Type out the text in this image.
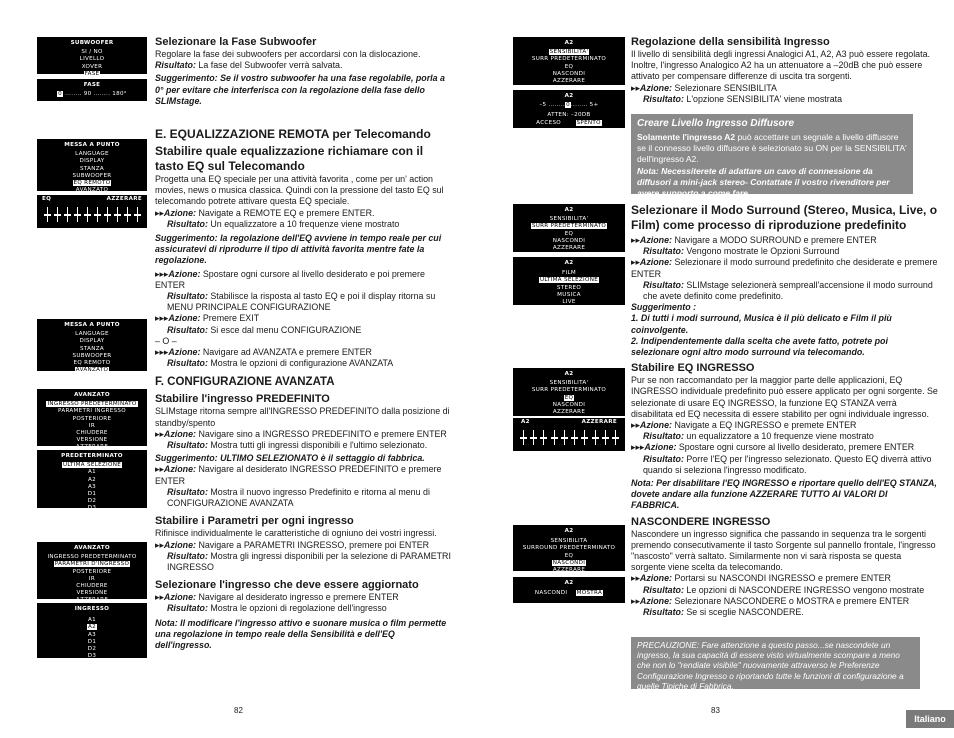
SUBWOOFER
SI / NO
LIVELLO
XOVER
FASE
FASE
0 ........ 90 ........ 180°
MESSA A PUNTO
LANGUAGE
DISPLAY
STANZA
SUBWOOFER
EQ REMOTO
AVANZATO
EQ	AZZERARE
32Hz 64 125 250 500 1kHz 2 4 8 16kHz
MESSA A PUNTO
LANGUAGE
DISPLAY
STANZA
SUBWOOFER
EQ REMOTO
AVANZATO
AVANZATO
INGRESSO PREDETERMINATO
PARAMETRI INGRESSO
POSTERIORE
IR
CHIUDERE
VERSIONE
AZZERARE
PREDETERMINATO
ULTIMA SELEZIONE
A1
A2
A3
D1
D2
D3
AVANZATO
INGRESSO PREDETERMINATO
PARAMETRI D'INGRESSO
POSTERIORE
IR
CHIUDERE
VERSIONE
AZZERARE
INGRESSO
A1
A2
A3
D1
D2
D3
Selezionare la Fase Subwoofer
Regolare la fase dei subwoofers per accordarsi con la dislocazione.
Risultato: La fase del Subwoofer verrà salvata.
Suggerimento: Se il vostro subwoofer ha una fase regolabile, porla a 0° per evitare che interferisca con la regolazione della fase dello SLIMstage.
E. EQUALIZZAZIONE REMOTA per Telecomando
Stabilire quale equalizzazione richiamare con il tasto EQ sul Telecomando
Progetta una EQ speciale per una attività favorita , come per un' action movies, news o musica classica. Quindi con la pressione del tasto EQ sul telecomando potrete attivare questa EQ speciale.
▸▸Azione: Navigate a REMOTE EQ e premere ENTER.
Risultato: Un equalizzatore a 10 frequenze viene mostrato
Suggerimento: la regolazione dell'EQ avviene in tempo reale per cui assicuratevi di riprodurre il tipo di attività favorita mentre fate la regolazione.
▸▸▸Azione: Spostare ogni cursore al livello desiderato e poi premere ENTER
Risultato: Stabilisce la risposta al tasto EQ e poi il display ritorna su MENU PRINCIPALE CONFIGURAZIONE
▸▸▸Azione: Premere EXIT
Risultato: Si esce dal menu CONFIGURAZIONE
– O –
▸▸▸Azione: Navigare ad AVANZATA e premere ENTER
Risultato: Mostra le opzioni di configurazione AVANZATA
F. CONFIGURAZIONE AVANZATA
Stabilire l'ingresso PREDEFINITO
SLIMstage ritorna sempre all'INGRESSO PREDEFINITO dalla posizione di standby/spento
▸▸Azione: Navigare sino a INGRESSO PREDEFINITO e premere ENTER
Risultato: Mostra tutti gli ingressi disponibili e l'ultimo selezionato.
Suggerimento: ULTIMO SELEZIONATO è il settaggio di fabbrica.
▸▸Azione: Navigare al desiderato INGRESSO PREDEFINITO e premere ENTER
Risultato: Mostra il nuovo ingresso Predefinito e ritorna al menu di CONFIGURAZIONE AVANZATA
Stabilire i Parametri per ogni ingresso
Rifinisce individualmente le caratteristiche di ogniuno dei vostri ingressi.
▸▸Azione: Navigare a PARAMETRI INGRESSO, premere poi ENTER
Risultato: Mostra gli ingressi disponibili per la selezione di PARAMETRI INGRESSO
Selezionare l'ingresso che deve essere aggiornato
▸▸Azione: Navigare al desiderato ingresso e premere ENTER
Risultato: Mostra le opzioni di regolazione dell'ingresso
Nota: Il modificare l'ingresso attivo e suonare musica o film permette una regolazione in tempo reale della Sensibilità e dell'EQ dell'ingresso.
82
A2
SENSIBILITA'
SURR PREDETERMINATO
EQ
NASCONDI
AZZERARE
A2
–5 ........0........ 5+
ATTEN: –20DB
ACCESO	SPENTO
A2
SENSIBILITA'
SURR PREDETERMINATO
EQ
NASCONDI
AZZERARE
A2
FILM
ULTIMA SELEZIONE
STEREO
MUSICA
LIVE
A2
SENSIBILITA'
SURR PREDETERMINATO
EQ
NASCONDI
AZZERARE
A2	AZZERARE
32Hz 64 125 250 500 1kHz 2 4 8 16kHz
A2
SENSIBILITA
SURROUND PREDETERMINATO
EQ
NASCONDI
AZZERARE
A2
NASCONDI MOSTRA
Regolazione della sensibilità Ingresso
Il livello di sensibilità degli ingressi Analogici A1, A2, A3 può essere regolata. Inoltre, l'ingresso Analogico A2 ha un attenuatore a –20dB che può essere attivato per compensare differenze di uscita tra sorgenti.
▸▸Azione: Selezionare SENSIBILITA
Risultato: L'opzione SENSIBILITA' viene mostrata
Creare Livello Ingresso Diffusore
Solamente l'ingresso A2 può accettare un segnale a livello diffusore se il connesso livello diffusore è selezionato su ON per la SENSIBILITA' dell'ingresso A2.
Nota: Necessiterete di adattare un cavo di connessione da diffusori a mini-jack stereo- Contattate il vostro rivenditore per avere supporto a come fare.
Selezionare il Modo Surround (Stereo, Musica, Live, o Film) come processo di riproduzione predefinito
▸▸Azione: Navigare a MODO SURROUND e premere ENTER
Risultato: Vengono mostrate le Opzioni Surround
▸▸Azione: Selezionare il modo surround predefinito che desiderate e premere ENTER
Risultato: SLIMstage selezionerà sempreall'accensione il modo surround che avete definito come predefinito.
Suggerimento :
1. Di tutti i modi surround, Musica è il più delicato e Film il più coinvolgente.
2. Indipendentemente dalla scelta che avete fatto, potrete poi selezionare ogni altro modo surround via telecomando.
Stabilire EQ INGRESSO
Pur se non raccomandato per la maggior parte delle applicazioni, EQ INGRESSO individuale predefinito può essere applicato per ogni sorgente. Se selezionate di usare EQ INGRESSO, la funzione EQ STANZA verrà disabilitata ed EQ necessita di essere stabilito per ogni individuale ingresso.
▸▸Azione: Navigate a EQ INGRESSO e premete ENTER
Risultato: un equalizzatore a 10 frequenze viene mostrato
▸▸▸Azione: Spostare ogni cursore al livello desiderato, premere ENTER
Risultato: Porre l'EQ per l'ingresso selezionato. Questo EQ diverrà attivo quando si seleziona l'ingresso modificato.
Nota: Per disabilitare l'EQ INGRESSO e riportare quello dell'EQ STANZA, dovete andare alla funzione AZZERARE TUTTO AI VALORI DI FABBRICA.
NASCONDERE INGRESSO
Nascondere un ingresso significa che passando in sequenza tra le sorgenti premendo consecutivamente il tasto Sorgente sul pannello frontale, l'ingresso "nascosto" verrà saltato. Similarmente non vi sarà risposta se questa sorgente viene scelta da telecomando.
▸▸Azione: Portarsi su NASCONDI INGRESSO e premere ENTER
Risultato: Le opzioni di NASCONDERE INGRESSO vengono mostrate
▸▸Azione: Selezionare NASCONDERE o MOSTRA e premere ENTER
Risultato: Se si sceglie NASCONDERE.
PRECAUZIONE: Fare attenzione a questo passo...se nascondete un ingresso, la sua capacità di essere visto virtualmente scompare a meno che non lo "rendiate visibile" nuovamente attraverso le Preferenze Configurazione Ingresso o riportando tutte le funzioni di configurazione a quelle Tipiche di Fabbrica.
83
Italiano
